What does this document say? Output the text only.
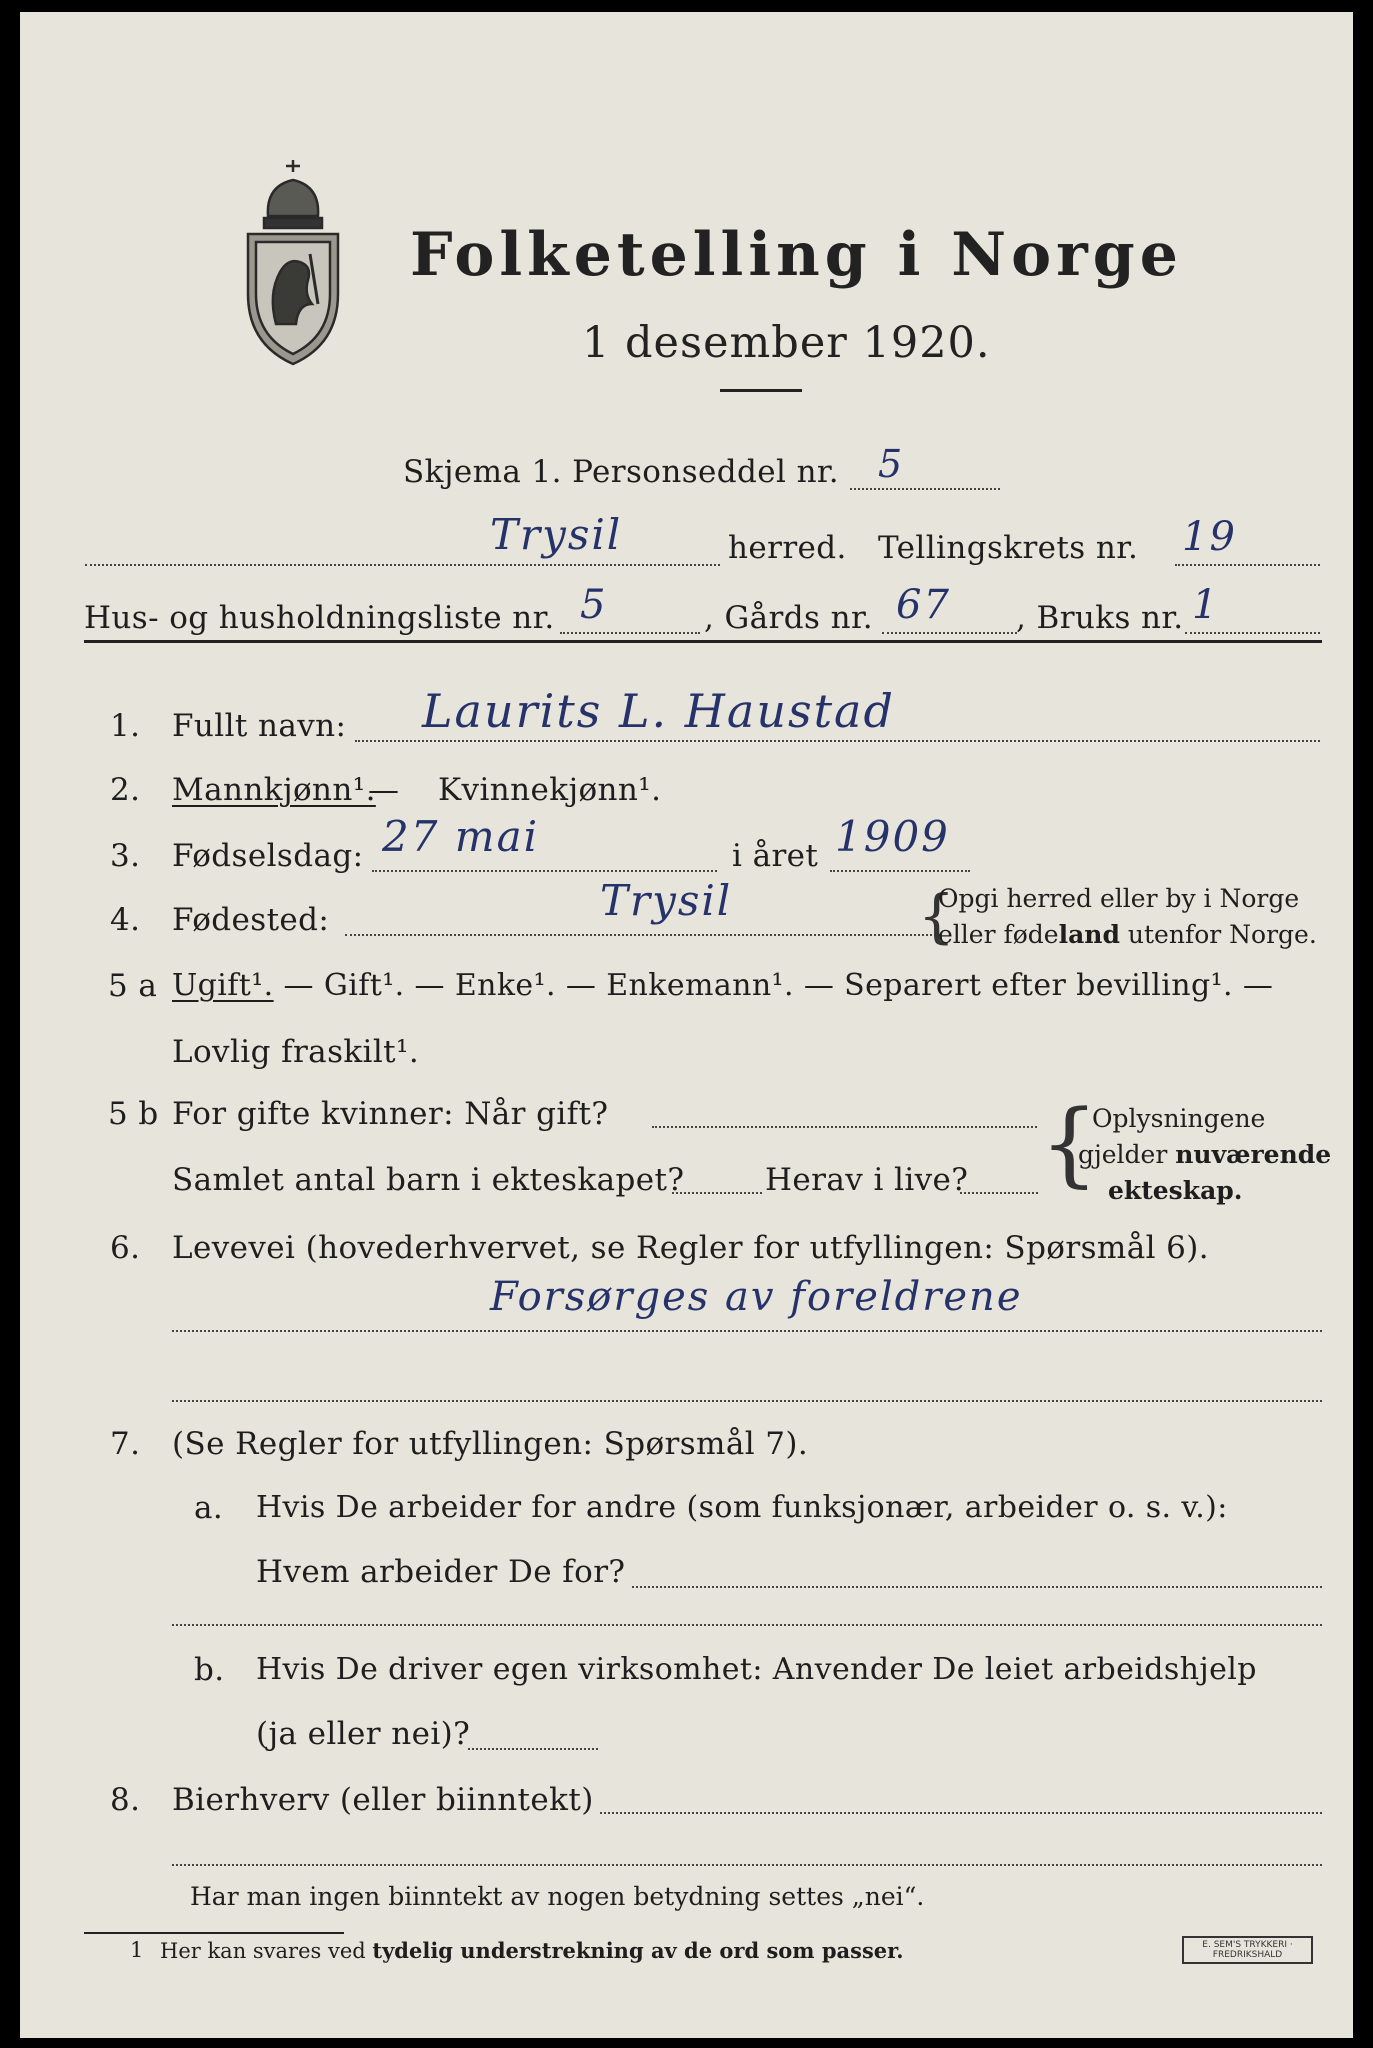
Folketelling i Norge
1 desember 1920.
Skjema 1. Personseddel nr. 5
Trysil	herred. Tellingskrets nr. 19
Hus- og husholdningsliste nr. 5	, Gårds nr. 67 , Bruks nr. 1
1. Fullt navn: Laurits L. Haustad
2. Mannkjønn¹.
— Kvinnekjønn¹.
3. Fødselsdag: 27 mai	i året 1909
4. Fødested:	Trysil	{
Opgi herred eller by i Norge
eller fødeland utenfor Norge.
5 a Ugift¹. — Gift¹. — Enke¹. — Enkemann¹. — Separert efter bevilling¹. —
Lovlig fraskilt¹.
5 b For gifte kvinner: Når gift?
Samlet antal barn i ekteskapet?	Herav i live? {
Oplysningene
gjelder nuværende
ekteskap.
6. Levevei (hovederhvervet, se Regler for utfyllingen: Spørsmål 6).
Forsørges av foreldrene
7. (Se Regler for utfyllingen: Spørsmål 7).
a. Hvis De arbeider for andre (som funksjonær, arbeider o. s. v.):
Hvem arbeider De for?
b. Hvis De driver egen virksomhet: Anvender De leiet arbeidshjelp
(ja eller nei)?
8. Bierhverv (eller biinntekt)
Har man ingen biinntekt av nogen betydning settes „nei“.
1 Her kan svares ved tydelig understrekning av de ord som passer.	E. SEM'S TRYKKERI · FREDRIKSHALD
